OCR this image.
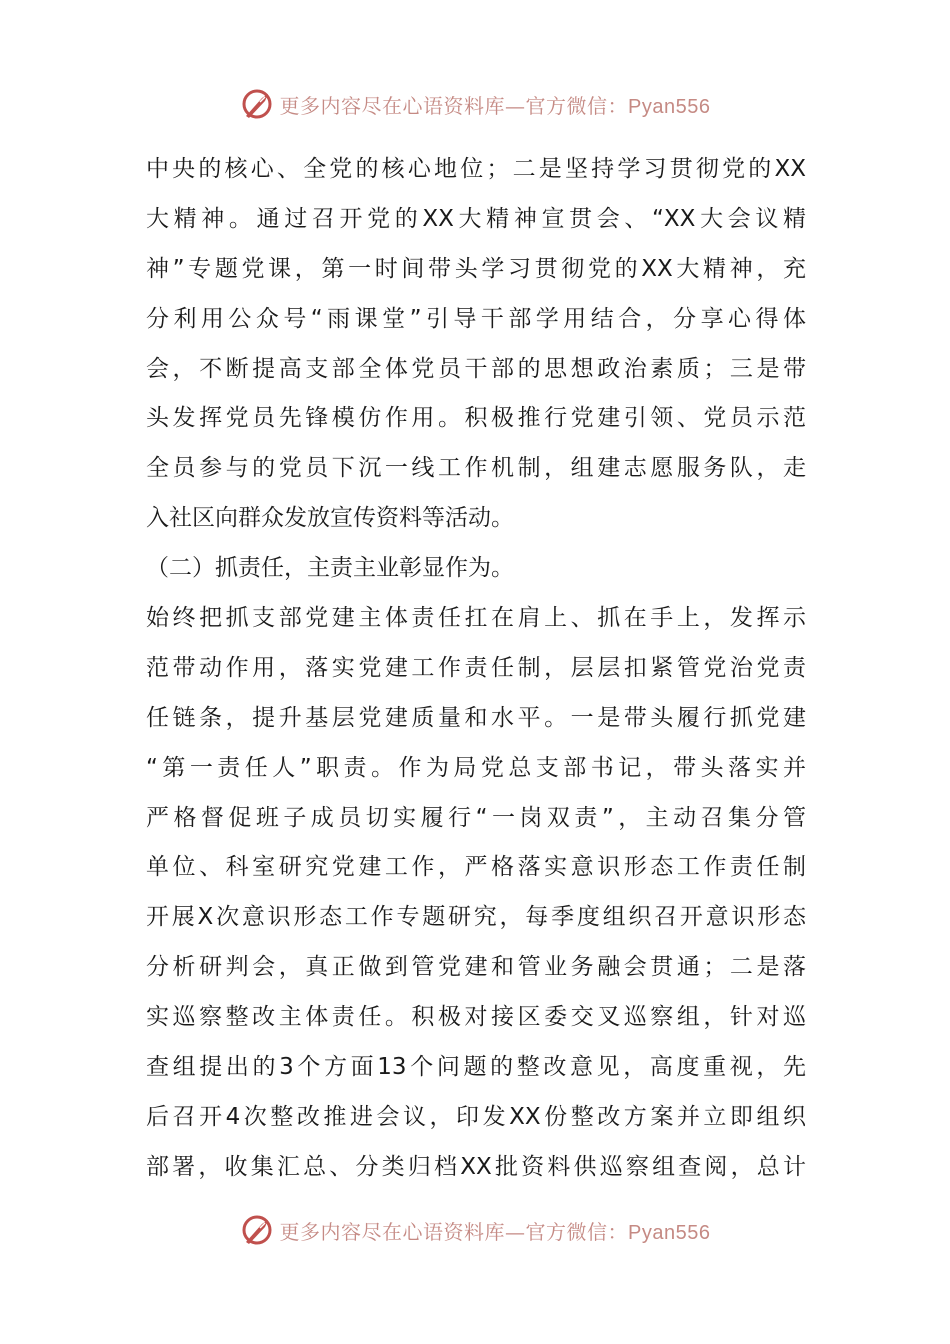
更多内容尽在心语资料库—官方微信：Pyan556
中央的核心、全党的核心地位；二是坚持学习贯彻党的XX
大精神。通过召开党的XX大精神宣贯会、“XX大会议精
神”专题党课，第一时间带头学习贯彻党的XX大精神，充
分利用公众号“雨课堂”引导干部学用结合，分享心得体
会，不断提高支部全体党员干部的思想政治素质；三是带
头发挥党员先锋模仿作用。积极推行党建引领、党员示范
全员参与的党员下沉一线工作机制，组建志愿服务队，走
入社区向群众发放宣传资料等活动。
（二）抓责任，主责主业彰显作为。
始终把抓支部党建主体责任扛在肩上、抓在手上，发挥示
范带动作用，落实党建工作责任制，层层扣紧管党治党责
任链条，提升基层党建质量和水平。一是带头履行抓党建
“第一责任人”职责。作为局党总支部书记，带头落实并
严格督促班子成员切实履行“一岗双责”，主动召集分管
单位、科室研究党建工作，严格落实意识形态工作责任制
开展X次意识形态工作专题研究，每季度组织召开意识形态
分析研判会，真正做到管党建和管业务融会贯通；二是落
实巡察整改主体责任。积极对接区委交叉巡察组，针对巡
查组提出的3个方面13个问题的整改意见，高度重视，先
后召开4次整改推进会议，印发XX份整改方案并立即组织
部署，收集汇总、分类归档XX批资料供巡察组查阅，总计
更多内容尽在心语资料库—官方微信：Pyan556
